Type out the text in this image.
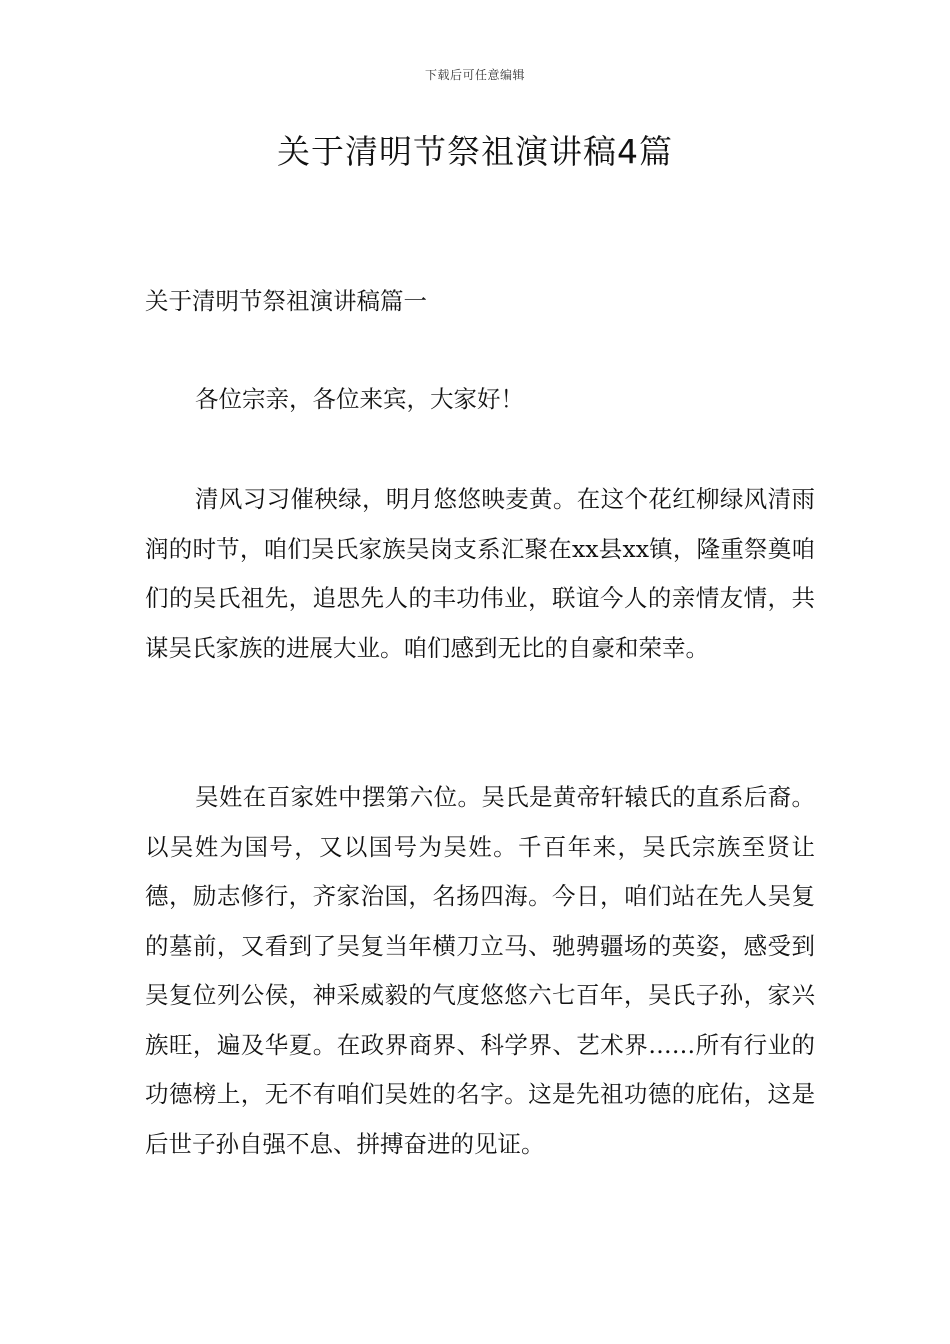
下载后可任意编辑
关于清明节祭祖演讲稿4篇
关于清明节祭祖演讲稿篇一
各位宗亲，各位来宾，大家好！

清风习习催秧绿，明月悠悠映麦黄。在这个花红柳绿风清雨润的时节，咱们吴氏家族吴岗支系汇聚在xx县xx镇，隆重祭奠咱们的吴氏祖先，追思先人的丰功伟业，联谊今人的亲情友情，共谋吴氏家族的进展大业。咱们感到无比的自豪和荣幸。

吴姓在百家姓中摆第六位。吴氏是黄帝轩辕氏的直系后裔。以吴姓为国号，又以国号为吴姓。千百年来，吴氏宗族至贤让德，励志修行，齐家治国，名扬四海。今日，咱们站在先人吴复的墓前，又看到了吴复当年横刀立马、驰骋疆场的英姿，感受到吴复位列公侯，神采威毅的气度悠悠六七百年，吴氏子孙，家兴族旺，遍及华夏。在政界商界、科学界、艺术界……所有行业的功德榜上，无不有咱们吴姓的名字。这是先祖功德的庇佑，这是后世子孙自强不息、拼搏奋进的见证。
